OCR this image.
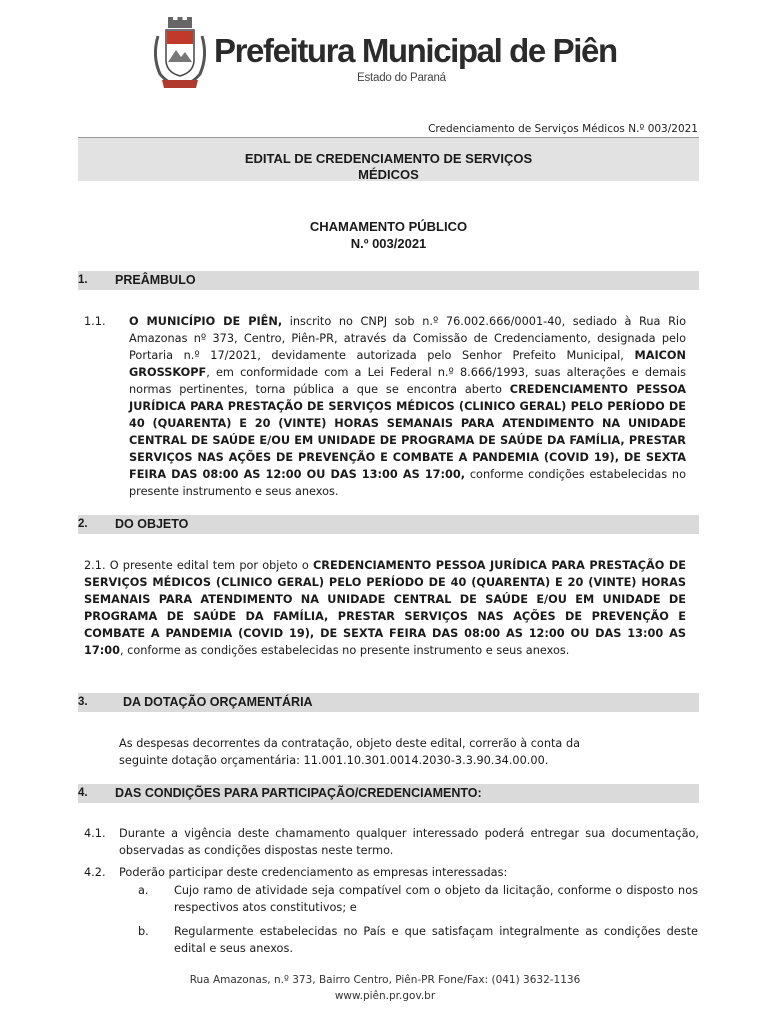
Prefeitura Municipal de Piên
Estado do Paraná
Credenciamento de Serviços Médicos N.º 003/2021
EDITAL DE CREDENCIAMENTO DE SERVIÇOS
MÉDICOS
CHAMAMENTO PÚBLICO
N.º 003/2021
1. PREÂMBULO
1.1. O MUNICÍPIO DE PIÊN, inscrito no CNPJ sob n.º 76.002.666/0001-40, sediado à Rua Rio Amazonas nº 373, Centro, Piên-PR, através da Comissão de Credenciamento, designada pelo Portaria n.º 17/2021, devidamente autorizada pelo Senhor Prefeito Municipal, MAICON GROSSKOPF, em conformidade com a Lei Federal n.º 8.666/1993, suas alterações e demais normas pertinentes, torna pública a que se encontra aberto CREDENCIAMENTO PESSOA JURÍDICA PARA PRESTAÇÃO DE SERVIÇOS MÉDICOS (CLINICO GERAL) PELO PERÍODO DE 40 (QUARENTA) E 20 (VINTE) HORAS SEMANAIS PARA ATENDIMENTO NA UNIDADE CENTRAL DE SAÚDE E/OU EM UNIDADE DE PROGRAMA DE SAÚDE DA FAMÍLIA, PRESTAR SERVIÇOS NAS AÇÕES DE PREVENÇÃO E COMBATE A PANDEMIA (COVID 19), DE SEXTA FEIRA DAS 08:00 AS 12:00 OU DAS 13:00 AS 17:00, conforme condições estabelecidas no presente instrumento e seus anexos.
2. DO OBJETO
2.1. O presente edital tem por objeto o CREDENCIAMENTO PESSOA JURÍDICA PARA PRESTAÇÃO DE SERVIÇOS MÉDICOS (CLINICO GERAL) PELO PERÍODO DE 40 (QUARENTA) E 20 (VINTE) HORAS SEMANAIS PARA ATENDIMENTO NA UNIDADE CENTRAL DE SAÚDE E/OU EM UNIDADE DE PROGRAMA DE SAÚDE DA FAMÍLIA, PRESTAR SERVIÇOS NAS AÇÕES DE PREVENÇÃO E COMBATE A PANDEMIA (COVID 19), DE SEXTA FEIRA DAS 08:00 AS 12:00 OU DAS 13:00 AS 17:00, conforme as condições estabelecidas no presente instrumento e seus anexos.
3.	DA DOTAÇÃO ORÇAMENTÁRIA
As despesas decorrentes da contratação, objeto deste edital, correrão à conta da
seguinte dotação orçamentária: 11.001.10.301.0014.2030-3.3.90.34.00.00.
4. DAS CONDIÇÕES PARA PARTICIPAÇÃO/CREDENCIAMENTO:
4.1. Durante a vigência deste chamamento qualquer interessado poderá entregar sua documentação, observadas as condições dispostas neste termo.
4.2. Poderão participar deste credenciamento as empresas interessadas:
a. Cujo ramo de atividade seja compatível com o objeto da licitação, conforme o disposto nos respectivos atos constitutivos; e
b. Regularmente estabelecidas no País e que satisfaçam integralmente as condições deste edital e seus anexos.
Rua Amazonas, n.º 373, Bairro Centro, Piên-PR Fone/Fax: (041) 3632-1136
www.piên.pr.gov.br
